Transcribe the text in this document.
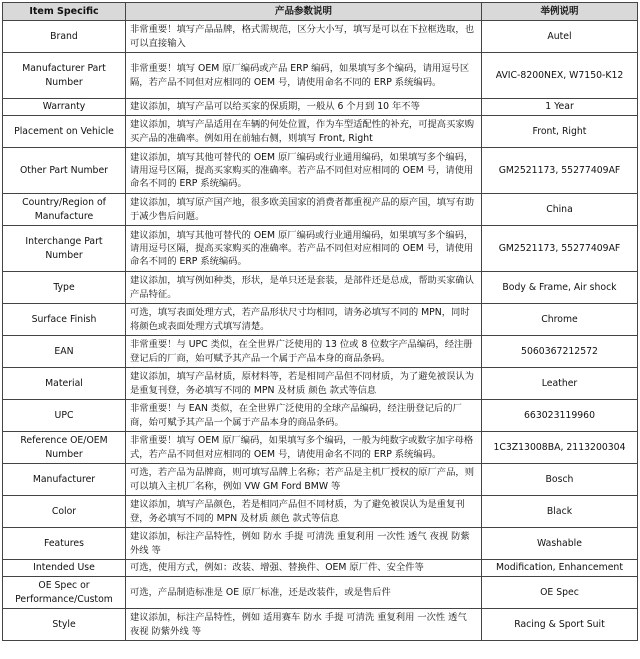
Item Specific	产品参数说明	举例说明
Brand	非常重要！填写产品品牌，格式需规范，区分大小写，填写是可以在下拉框选取，也可以直接输入	Autel
Manufacturer Part Number	非常重要！填写 OEM 原厂编码或产品 ERP 编码，如果填写多个编码，请用逗号区隔，若产品不同但对应相同的 OEM 号，请使用命名不同的 ERP 系统编码。	AVIC-8200NEX, W7150-K12
Warranty	建议添加，填写产品可以给买家的保质期，一般从 6 个月到 10 年不等	1 Year
Placement on Vehicle	建议添加，填写产品适用在车辆的何处位置，作为车型适配性的补充，可提高买家购买产品的准确率。例如用在前轴右侧，则填写 Front, Right	Front, Right
Other Part Number	建议添加，填写其他可替代的 OEM 原厂编码或行业通用编码，如果填写多个编码，请用逗号区隔，提高买家购买的准确率。若产品不同但对应相同的 OEM 号，请使用命名不同的 ERP 系统编码。	GM2521173, 55277409AF
Country/Region of Manufacture	建议添加，填写原产国产地，很多欧美国家的消费者都重视产品的原产国，填写有助于减少售后问题。	China
Interchange Part Number	建议添加，填写其他可替代的 OEM 原厂编码或行业通用编码，如果填写多个编码，请用逗号区隔，提高买家购买的准确率。若产品不同但对应相同的 OEM 号，请使用命名不同的 ERP 系统编码。	GM2521173, 55277409AF
Type	建议添加，填写例如种类，形状，是单只还是套装，是部件还是总成，帮助买家确认产品特征。	Body & Frame, Air shock
Surface Finish	可选，填写表面处理方式，若产品形状尺寸均相同，请务必填写不同的 MPN，同时将颜色或表面处理方式填写清楚。	Chrome
EAN	非常重要！与 UPC 类似，在全世界广泛使用的 13 位或 8 位数字产品编码，经注册登记后的厂商，始可赋予其产品一个属于产品本身的商品条码。	5060367212572
Material	建议添加，填写产品材质，原材料等，若是相同产品但不同材质，为了避免被误认为是重复刊登，务必填写不同的 MPN 及材质 颜色 款式等信息	Leather
UPC	非常重要！与 EAN 类似，在全世界广泛使用的全球产品编码，经注册登记后的厂商，始可赋予其产品一个属于产品本身的商品条码。	663023119960
Reference OE/OEM Number	非常重要！填写 OEM 原厂编码，如果填写多个编码，一般为纯数字或数字加字母格式，若产品不同但对应相同的 OEM 号，请使用命名不同的 ERP 系统编码。	1C3Z13008BA, 2113200304
Manufacturer	可选，若产品为品牌商，则可填写品牌上名称；若产品是主机厂授权的原厂产品，则可以填入主机厂名称，例如 VW GM Ford BMW 等	Bosch
Color	建议添加，填写产品颜色，若是相同产品但不同材质，为了避免被误认为是重复刊登，务必填写不同的 MPN 及材质 颜色 款式等信息	Black
Features	建议添加，标注产品特性，例如 防水 手提 可清洗 重复利用 一次性 透气 夜视 防紫外线 等	Washable
Intended Use	可选，使用方式，例如：改装、增强、替换件、OEM 原厂件、安全件等	Modification, Enhancement
OE Spec or Performance/Custom	可选，产品制造标准是 OE 原厂标准，还是改装件，或是售后件	OE Spec
Style	建议添加，标注产品特性，例如 适用赛车 防水 手提 可清洗 重复利用 一次性 透气 夜视 防紫外线 等	Racing & Sport Suit
